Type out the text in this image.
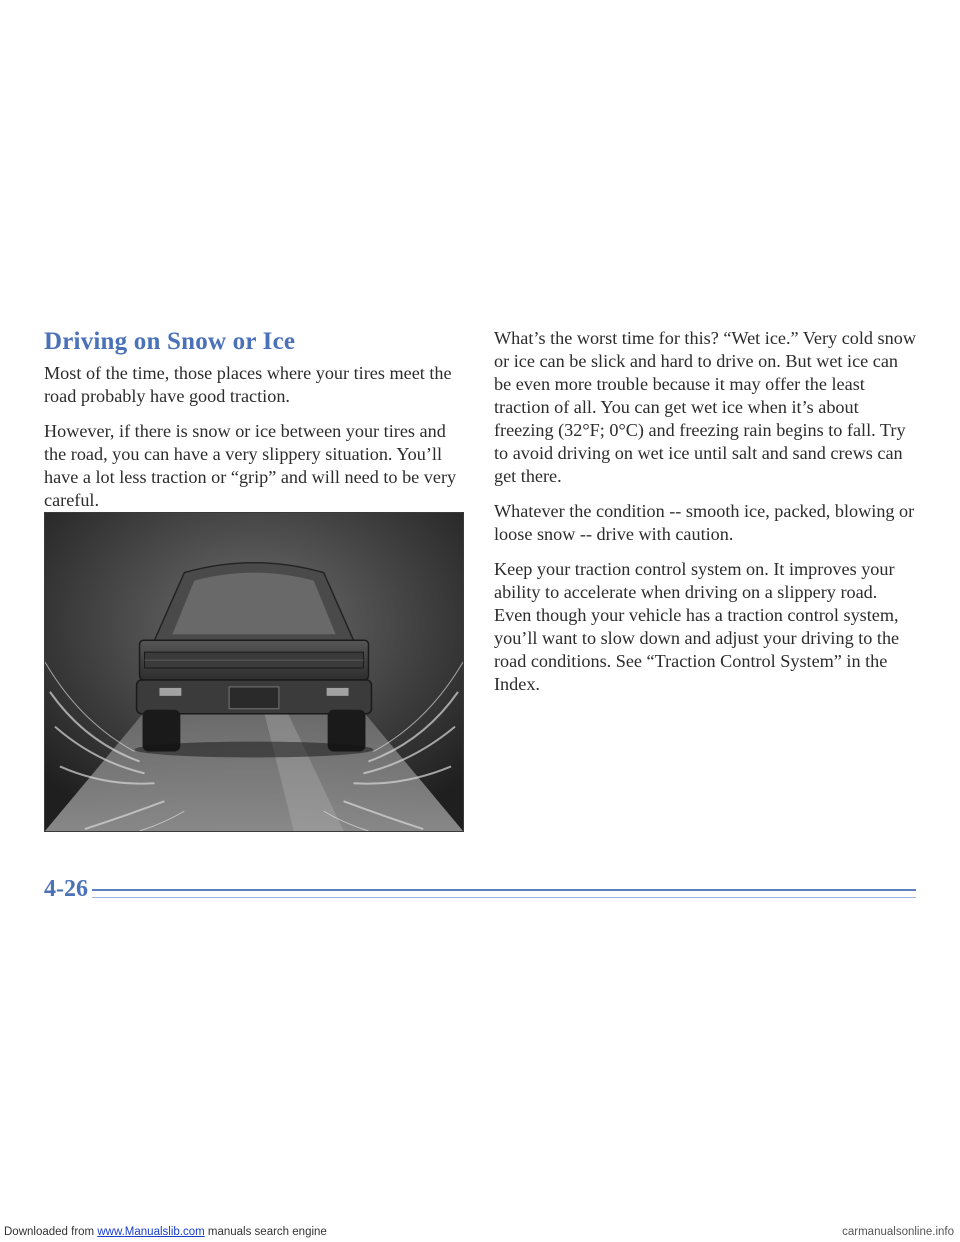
Driving on Snow or Ice

Most of the time, those places where your tires meet the road probably have good traction.

However, if there is snow or ice between your tires and the road, you can have a very slippery situation. You’ll have a lot less traction or “grip” and will need to be very careful.

What’s the worst time for this? “Wet ice.” Very cold snow or ice can be slick and hard to drive on. But wet ice can be even more trouble because it may offer the least traction of all. You can get wet ice when it’s about freezing (32°F; 0°C) and freezing rain begins to fall. Try to avoid driving on wet ice until salt and sand crews can get there.

Whatever the condition -- smooth ice, packed, blowing or loose snow -- drive with caution.

Keep your traction control system on. It improves your ability to accelerate when driving on a slippery road. Even though your vehicle has a traction control system, you’ll want to slow down and adjust your driving to the road conditions. See “Traction Control System” in the Index.

4-26
Downloaded from www.Manualslib.com manuals search engine	carmanualsonline.info
